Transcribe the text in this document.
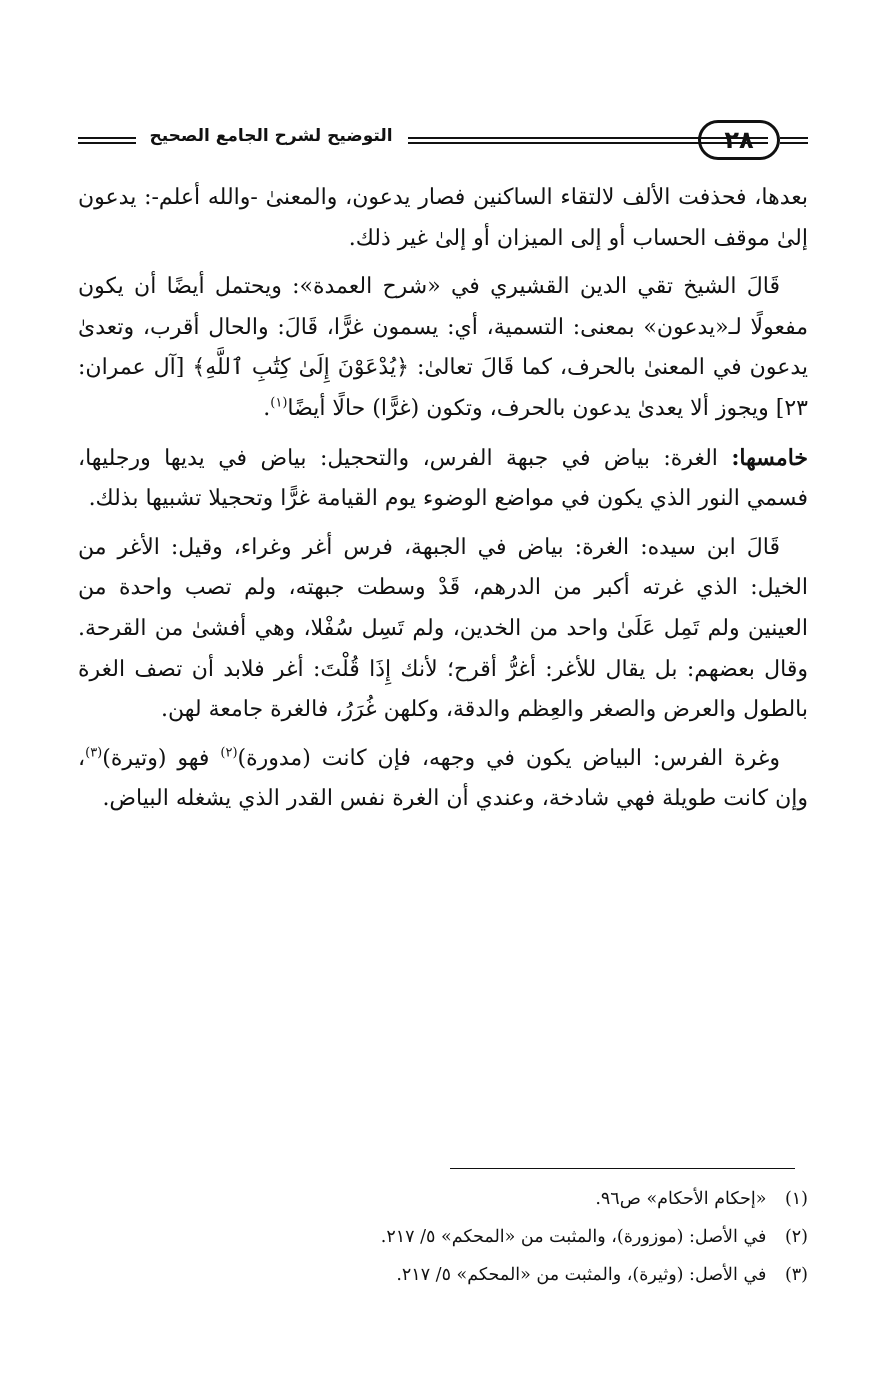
التوضيح لشرح الجامع الصحيح	٢٨

بعدها، فحذفت الألف لالتقاء الساكنين فصار يدعون، والمعنىٰ -والله أعلم-: يدعون إلىٰ موقف الحساب أو إلى الميزان أو إلىٰ غير ذلك.

قَالَ الشيخ تقي الدين القشيري في «شرح العمدة»: ويحتمل أيضًا أن يكون مفعولًا لـ«يدعون» بمعنى: التسمية، أي: يسمون غرًّا، قَالَ: والحال أقرب، وتعدىٰ يدعون في المعنىٰ بالحرف، كما قَالَ تعالىٰ: ﴿يُدْعَوْنَ إِلَىٰ كِتَٰبِ ٱللَّهِ﴾ [آل عمران: ٢٣] ويجوز ألا يعدىٰ يدعون بالحرف، وتكون (غرًّا) حالًا أيضًا$^{(١)}$.

خامسها: الغرة: بياض في جبهة الفرس، والتحجيل: بياض في يديها ورجليها، فسمي النور الذي يكون في مواضع الوضوء يوم القيامة غرًّا وتحجيلا تشبيها بذلك.

قَالَ ابن سيده: الغرة: بياض في الجبهة، فرس أغر وغراء، وقيل: الأغر من الخيل: الذي غرته أكبر من الدرهم، قَدْ وسطت جبهته، ولم تصب واحدة من العينين ولم تَمِل عَلَىٰ واحد من الخدين، ولم تَسِل سُفْلا، وهي أفشىٰ من القرحة. وقال بعضهم: بل يقال للأغر: أغرُّ أقرح؛ لأنك إِذَا قُلْتَ: أغر فلابد أن تصف الغرة بالطول والعرض والصغر والعِظم والدقة، وكلهن غُرَرُ، فالغرة جامعة لهن.

وغرة الفرس: البياض يكون في وجهه، فإن كانت (مدورة)$^{(٢)}$ فهو (وتيرة)$^{(٣)}$، وإن كانت طويلة فهي شادخة، وعندي أن الغرة نفس القدر الذي يشغله البياض.

(١) «إحكام الأحكام» ص٩٦.

(٢) في الأصل: (موزورة)، والمثبت من «المحكم» ٥/ ٢١٧.

(٣) في الأصل: (وثيرة)، والمثبت من «المحكم» ٥/ ٢١٧.
